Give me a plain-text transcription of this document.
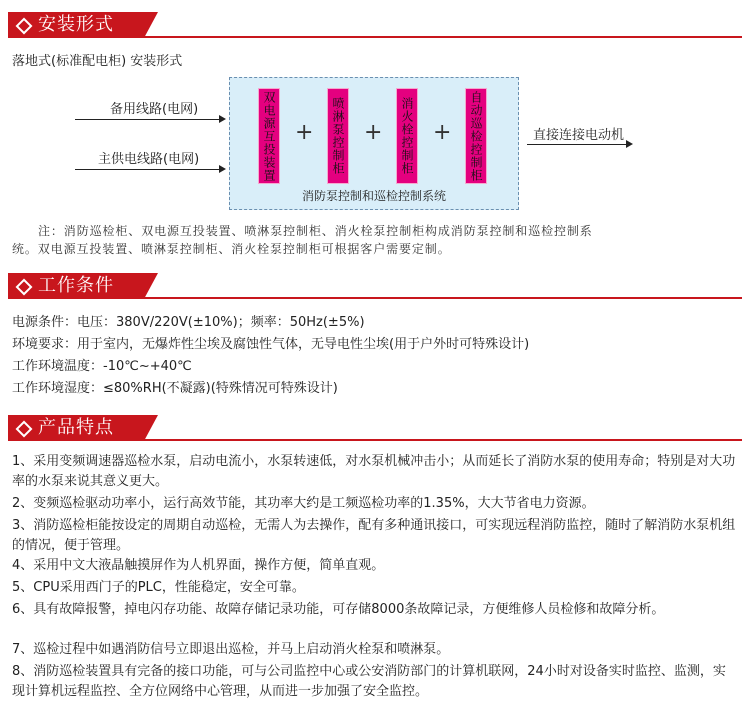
安装形式
落地式(标准配电柜) 安装形式
备用线路(电网)
主供电线路(电网)	双电源互投装置 + 喷淋泵控制柜 + 消火栓控制柜 + 自动巡检控制柜
消防泵控制和巡检控制系统
直接连接电动机
注：消防巡检柜、双电源互投装置、喷淋泵控制柜、消火栓泵控制柜构成消防泵控制和巡检控制系
统。双电源互投装置、喷淋泵控制柜、消火栓泵控制柜可根据客户需要定制。
工作条件
电源条件：电压：380V/220V(±10%)；频率：50Hz(±5%)
环境要求：用于室内，无爆炸性尘埃及腐蚀性气体，无导电性尘埃(用于户外时可特殊设计)
工作环境温度：-10℃~+40℃
工作环境湿度：≤80%RH(不凝露)(特殊情况可特殊设计)
产品特点
1、采用变频调速器巡检水泵，启动电流小，水泵转速低，对水泵机械冲击小；从而延长了消防水泵的使用寿命；特别是对大功率的水泵来说其意义更大。
2、变频巡检驱动功率小，运行高效节能，其功率大约是工频巡检功率的1.35%，大大节省电力资源。
3、消防巡检柜能按设定的周期自动巡检，无需人为去操作，配有多种通讯接口，可实现远程消防监控，随时了解消防水泵机组的情况，便于管理。
4、采用中文大液晶触摸屏作为人机界面，操作方便，简单直观。
5、CPU采用西门子的PLC，性能稳定，安全可靠。
6、具有故障报警，掉电闪存功能、故障存储记录功能，可存储8000条故障记录，方便维修人员检修和故障分析。
7、巡检过程中如遇消防信号立即退出巡检，并马上启动消火栓泵和喷淋泵。
8、消防巡检装置具有完备的接口功能，可与公司监控中心或公安消防部门的计算机联网，24小时对设备实时监控、监测，实现计算机远程监控、全方位网络中心管理，从而进一步加强了安全监控。
